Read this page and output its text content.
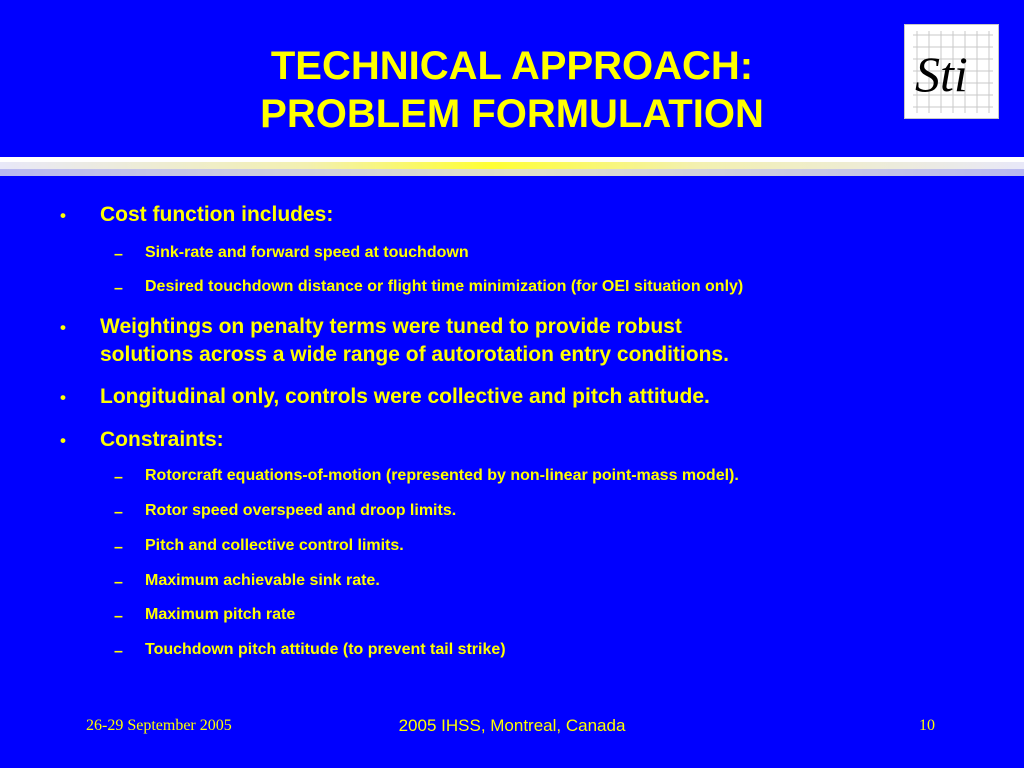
TECHNICAL APPROACH:
PROBLEM FORMULATION
Sti
• Cost function includes:
– Sink-rate and forward speed at touchdown
– Desired touchdown distance or flight time minimization (for OEI situation only)
• Weightings on penalty terms were tuned to provide robust
solutions across a wide range of autorotation entry conditions.
• Longitudinal only, controls were collective and pitch attitude.
• Constraints:
– Rotorcraft equations-of-motion (represented by non-linear point-mass model).
– Rotor speed overspeed and droop limits.
– Pitch and collective control limits.
– Maximum achievable sink rate.
– Maximum pitch rate
– Touchdown pitch attitude (to prevent tail strike)
26-29 September 2005	2005 IHSS, Montreal, Canada	10
